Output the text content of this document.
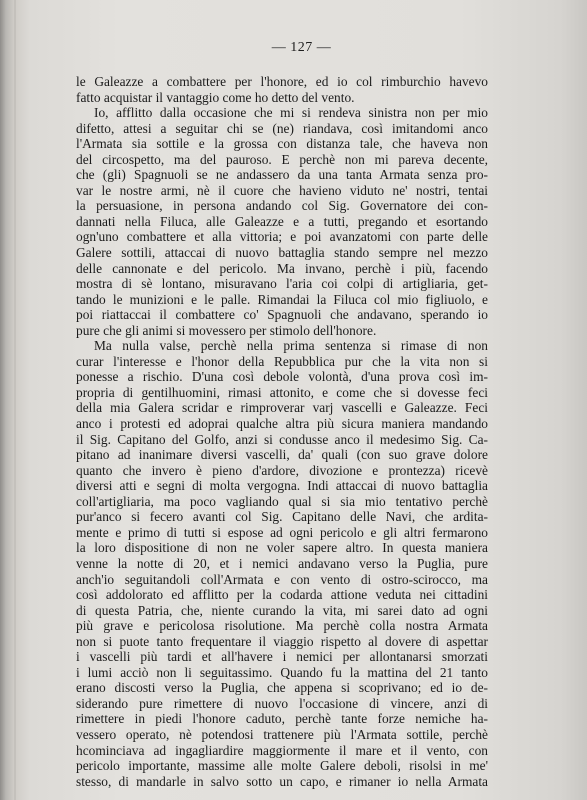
— 127 —
le Galeazze a combattere per l'honore, ed io col rimburchio havevo
fatto acquistar il vantaggio come ho detto del vento.
Io, afflitto dalla occasione che mi si rendeva sinistra non per mio
difetto, attesi a seguitar chi se (ne) riandava, così imitandomi anco
l'Armata sia sottile e la grossa con distanza tale, che haveva non
del circospetto, ma del pauroso. E perchè non mi pareva decente,
che (gli) Spagnuoli se ne andassero da una tanta Armata senza pro-
var le nostre armi, nè il cuore che havieno viduto ne' nostri, tentai
la persuasione, in persona andando col Sig. Governatore dei con-
dannati nella Filuca, alle Galeazze e a tutti, pregando et esortando
ogn'uno combattere et alla vittoria; e poi avanzatomi con parte delle
Galere sottili, attaccai di nuovo battaglia stando sempre nel mezzo
delle cannonate e del pericolo. Ma invano, perchè i più, facendo
mostra di sè lontano, misuravano l'aria coi colpi di artigliaria, get-
tando le munizioni e le palle. Rimandai la Filuca col mio figliuolo, e
poi riattaccai il combattere co' Spagnuoli che andavano, sperando io
pure che gli animi si movessero per stimolo dell'honore.
Ma nulla valse, perchè nella prima sentenza si rimase di non
curar l'interesse e l'honor della Repubblica pur che la vita non si
ponesse a rischio. D'una così debole volontà, d'una prova così im-
propria di gentilhuomini, rimasi attonito, e come che si dovesse feci
della mia Galera scridar e rimproverar varj vascelli e Galeazze. Feci
anco i protesti ed adoprai qualche altra più sicura maniera mandando
il Sig. Capitano del Golfo, anzi si condusse anco il medesimo Sig. Ca-
pitano ad inanimare diversi vascelli, da' quali (con suo grave dolore
quanto che invero è pieno d'ardore, divozione e prontezza) ricevè
diversi atti e segni di molta vergogna. Indi attaccai di nuovo battaglia
coll'artigliaria, ma poco vagliando qual si sia mio tentativo perchè
pur'anco si fecero avanti col Sig. Capitano delle Navi, che ardita-
mente e primo di tutti si espose ad ogni pericolo e gli altri fermarono
la loro dispositione di non ne voler sapere altro. In questa maniera
venne la notte di 20, et i nemici andavano verso la Puglia, pure
anch'io seguitandoli coll'Armata e con vento di ostro-scirocco, ma
così addolorato ed afflitto per la codarda attione veduta nei cittadini
di questa Patria, che, niente curando la vita, mi sarei dato ad ogni
più grave e pericolosa risolutione. Ma perchè colla nostra Armata
non si puote tanto frequentare il viaggio rispetto al dovere di aspettar
i vascelli più tardi et all'havere i nemici per allontanarsi smorzati
i lumi acciò non li seguitassimo. Quando fu la mattina del 21 tanto
erano discosti verso la Puglia, che appena si scoprivano; ed io de-
siderando pure rimettere di nuovo l'occasione di vincere, anzi di
rimettere in piedi l'honore caduto, perchè tante forze nemiche ha-
vessero operato, nè potendosi trattenere più l'Armata sottile, perchè
hcominciava ad ingagliardire maggiormente il mare et il vento, con
pericolo importante, massime alle molte Galere deboli, risolsi in me'
stesso, di mandarle in salvo sotto un capo, e rimaner io nella Armata
